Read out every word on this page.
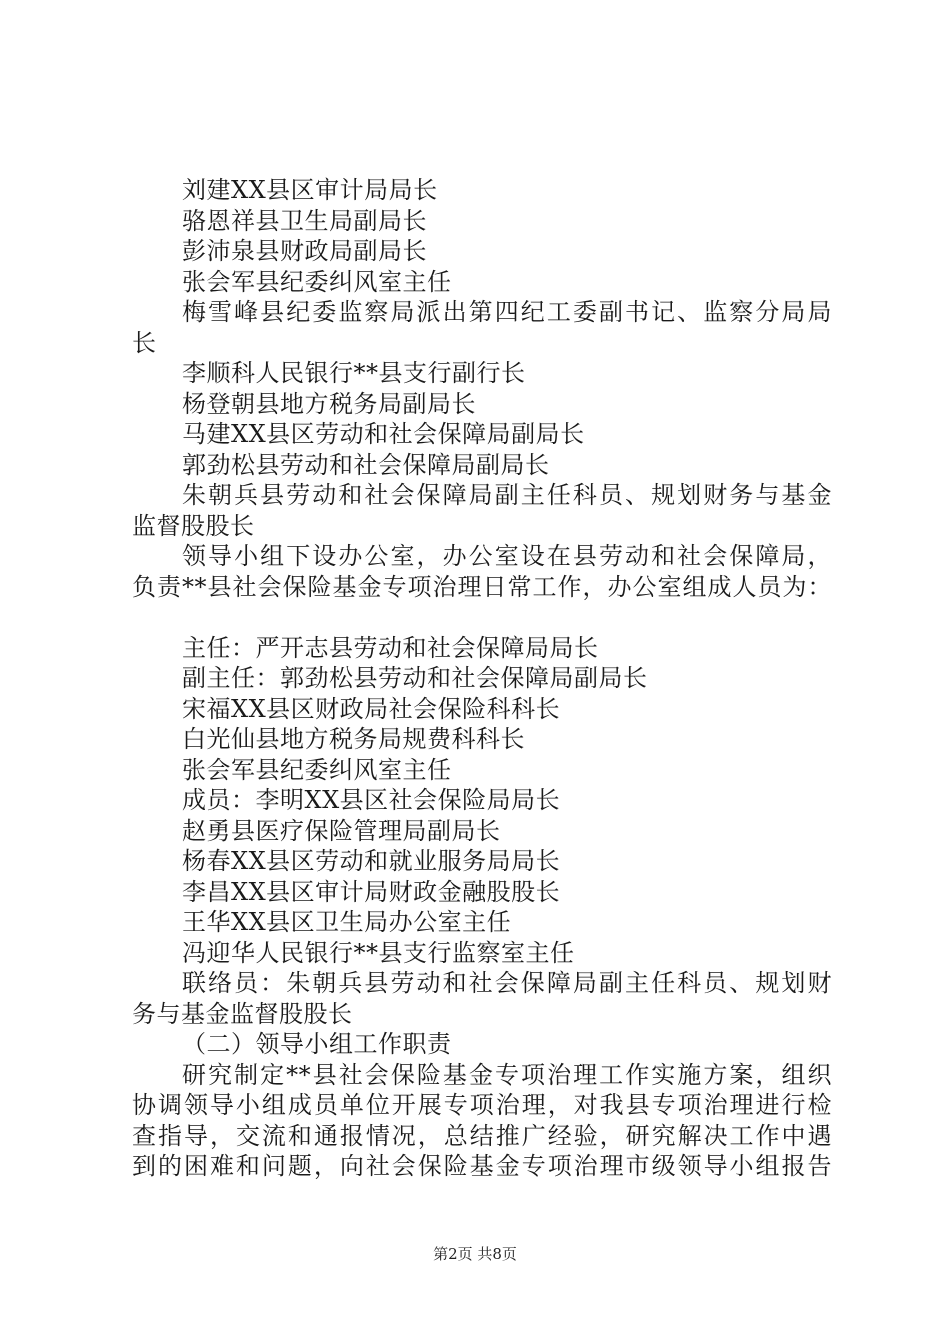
刘建XX县区审计局局长
骆恩祥县卫生局副局长
彭沛泉县财政局副局长
张会军县纪委纠风室主任
梅雪峰县纪委监察局派出第四纪工委副书记、监察分局局
长
李顺科人民银行**县支行副行长
杨登朝县地方税务局副局长
马建XX县区劳动和社会保障局副局长
郭劲松县劳动和社会保障局副局长
朱朝兵县劳动和社会保障局副主任科员、规划财务与基金
监督股股长
领导小组下设办公室，办公室设在县劳动和社会保障局，
负责**县社会保险基金专项治理日常工作，办公室组成人员为：
主任：严开志县劳动和社会保障局局长
副主任：郭劲松县劳动和社会保障局副局长
宋福XX县区财政局社会保险科科长
白光仙县地方税务局规费科科长
张会军县纪委纠风室主任
成员：李明XX县区社会保险局局长
赵勇县医疗保险管理局副局长
杨春XX县区劳动和就业服务局局长
李昌XX县区审计局财政金融股股长
王华XX县区卫生局办公室主任
冯迎华人民银行**县支行监察室主任
联络员：朱朝兵县劳动和社会保障局副主任科员、规划财
务与基金监督股股长
（二）领导小组工作职责
研究制定**县社会保险基金专项治理工作实施方案，组织
协调领导小组成员单位开展专项治理，对我县专项治理进行检
查指导，交流和通报情况，总结推广经验，研究解决工作中遇
到的困难和问题，向社会保险基金专项治理市级领导小组报告
第2页 共8页
